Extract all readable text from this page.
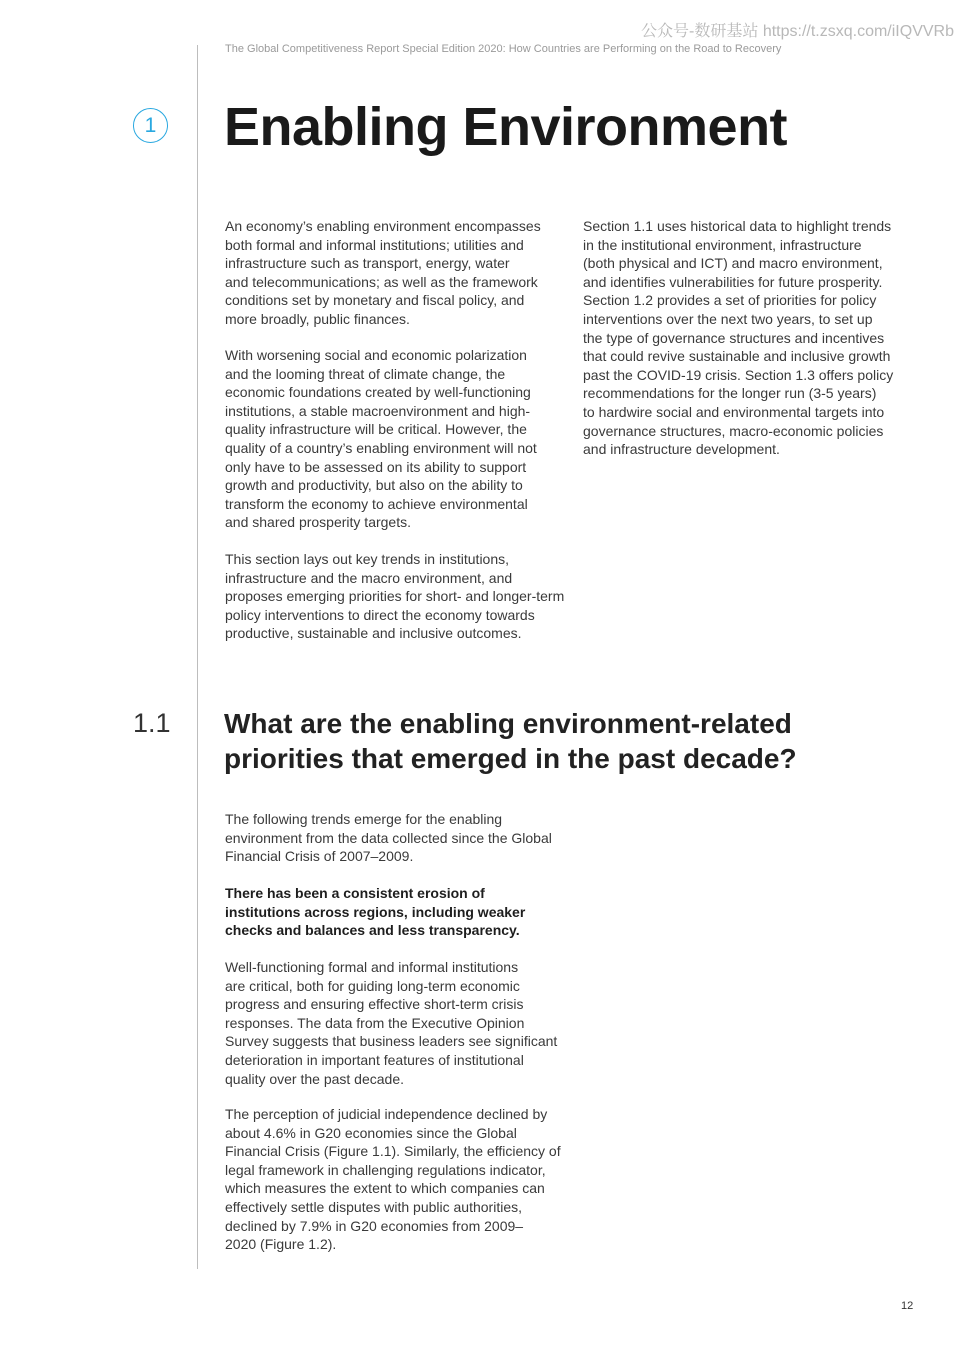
公众号-数研基站 https://t.zsxq.com/iIQVVRb
The Global Competitiveness Report Special Edition 2020: How Countries are Performing on the Road to Recovery
1 Enabling Environment
An economy’s enabling environment encompasses
both formal and informal institutions; utilities and
infrastructure such as transport, energy, water
and telecommunications; as well as the framework
conditions set by monetary and fiscal policy, and
more broadly, public finances.
With worsening social and economic polarization
and the looming threat of climate change, the
economic foundations created by well-functioning
institutions, a stable macroenvironment and high-
quality infrastructure will be critical. However, the
quality of a country’s enabling environment will not
only have to be assessed on its ability to support
growth and productivity, but also on the ability to
transform the economy to achieve environmental
and shared prosperity targets.
This section lays out key trends in institutions,
infrastructure and the macro environment, and
proposes emerging priorities for short- and longer-term
policy interventions to direct the economy towards
productive, sustainable and inclusive outcomes.
Section 1.1 uses historical data to highlight trends
in the institutional environment, infrastructure
(both physical and ICT) and macro environment,
and identifies vulnerabilities for future prosperity.
Section 1.2 provides a set of priorities for policy
interventions over the next two years, to set up
the type of governance structures and incentives
that could revive sustainable and inclusive growth
past the COVID-19 crisis. Section 1.3 offers policy
recommendations for the longer run (3-5 years)
to hardwire social and environmental targets into
governance structures, macro-economic policies
and infrastructure development.
1.1 What are the enabling environment-related
priorities that emerged in the past decade?
The following trends emerge for the enabling
environment from the data collected since the Global
Financial Crisis of 2007–2009.
There has been a consistent erosion of
institutions across regions, including weaker
checks and balances and less transparency.
Well-functioning formal and informal institutions
are critical, both for guiding long-term economic
progress and ensuring effective short-term crisis
responses. The data from the Executive Opinion
Survey suggests that business leaders see significant
deterioration in important features of institutional
quality over the past decade.
The perception of judicial independence declined by
about 4.6% in G20 economies since the Global
Financial Crisis (Figure 1.1). Similarly, the efficiency of
legal framework in challenging regulations indicator,
which measures the extent to which companies can
effectively settle disputes with public authorities,
declined by 7.9% in G20 economies from 2009–
2020 (Figure 1.2).
12
